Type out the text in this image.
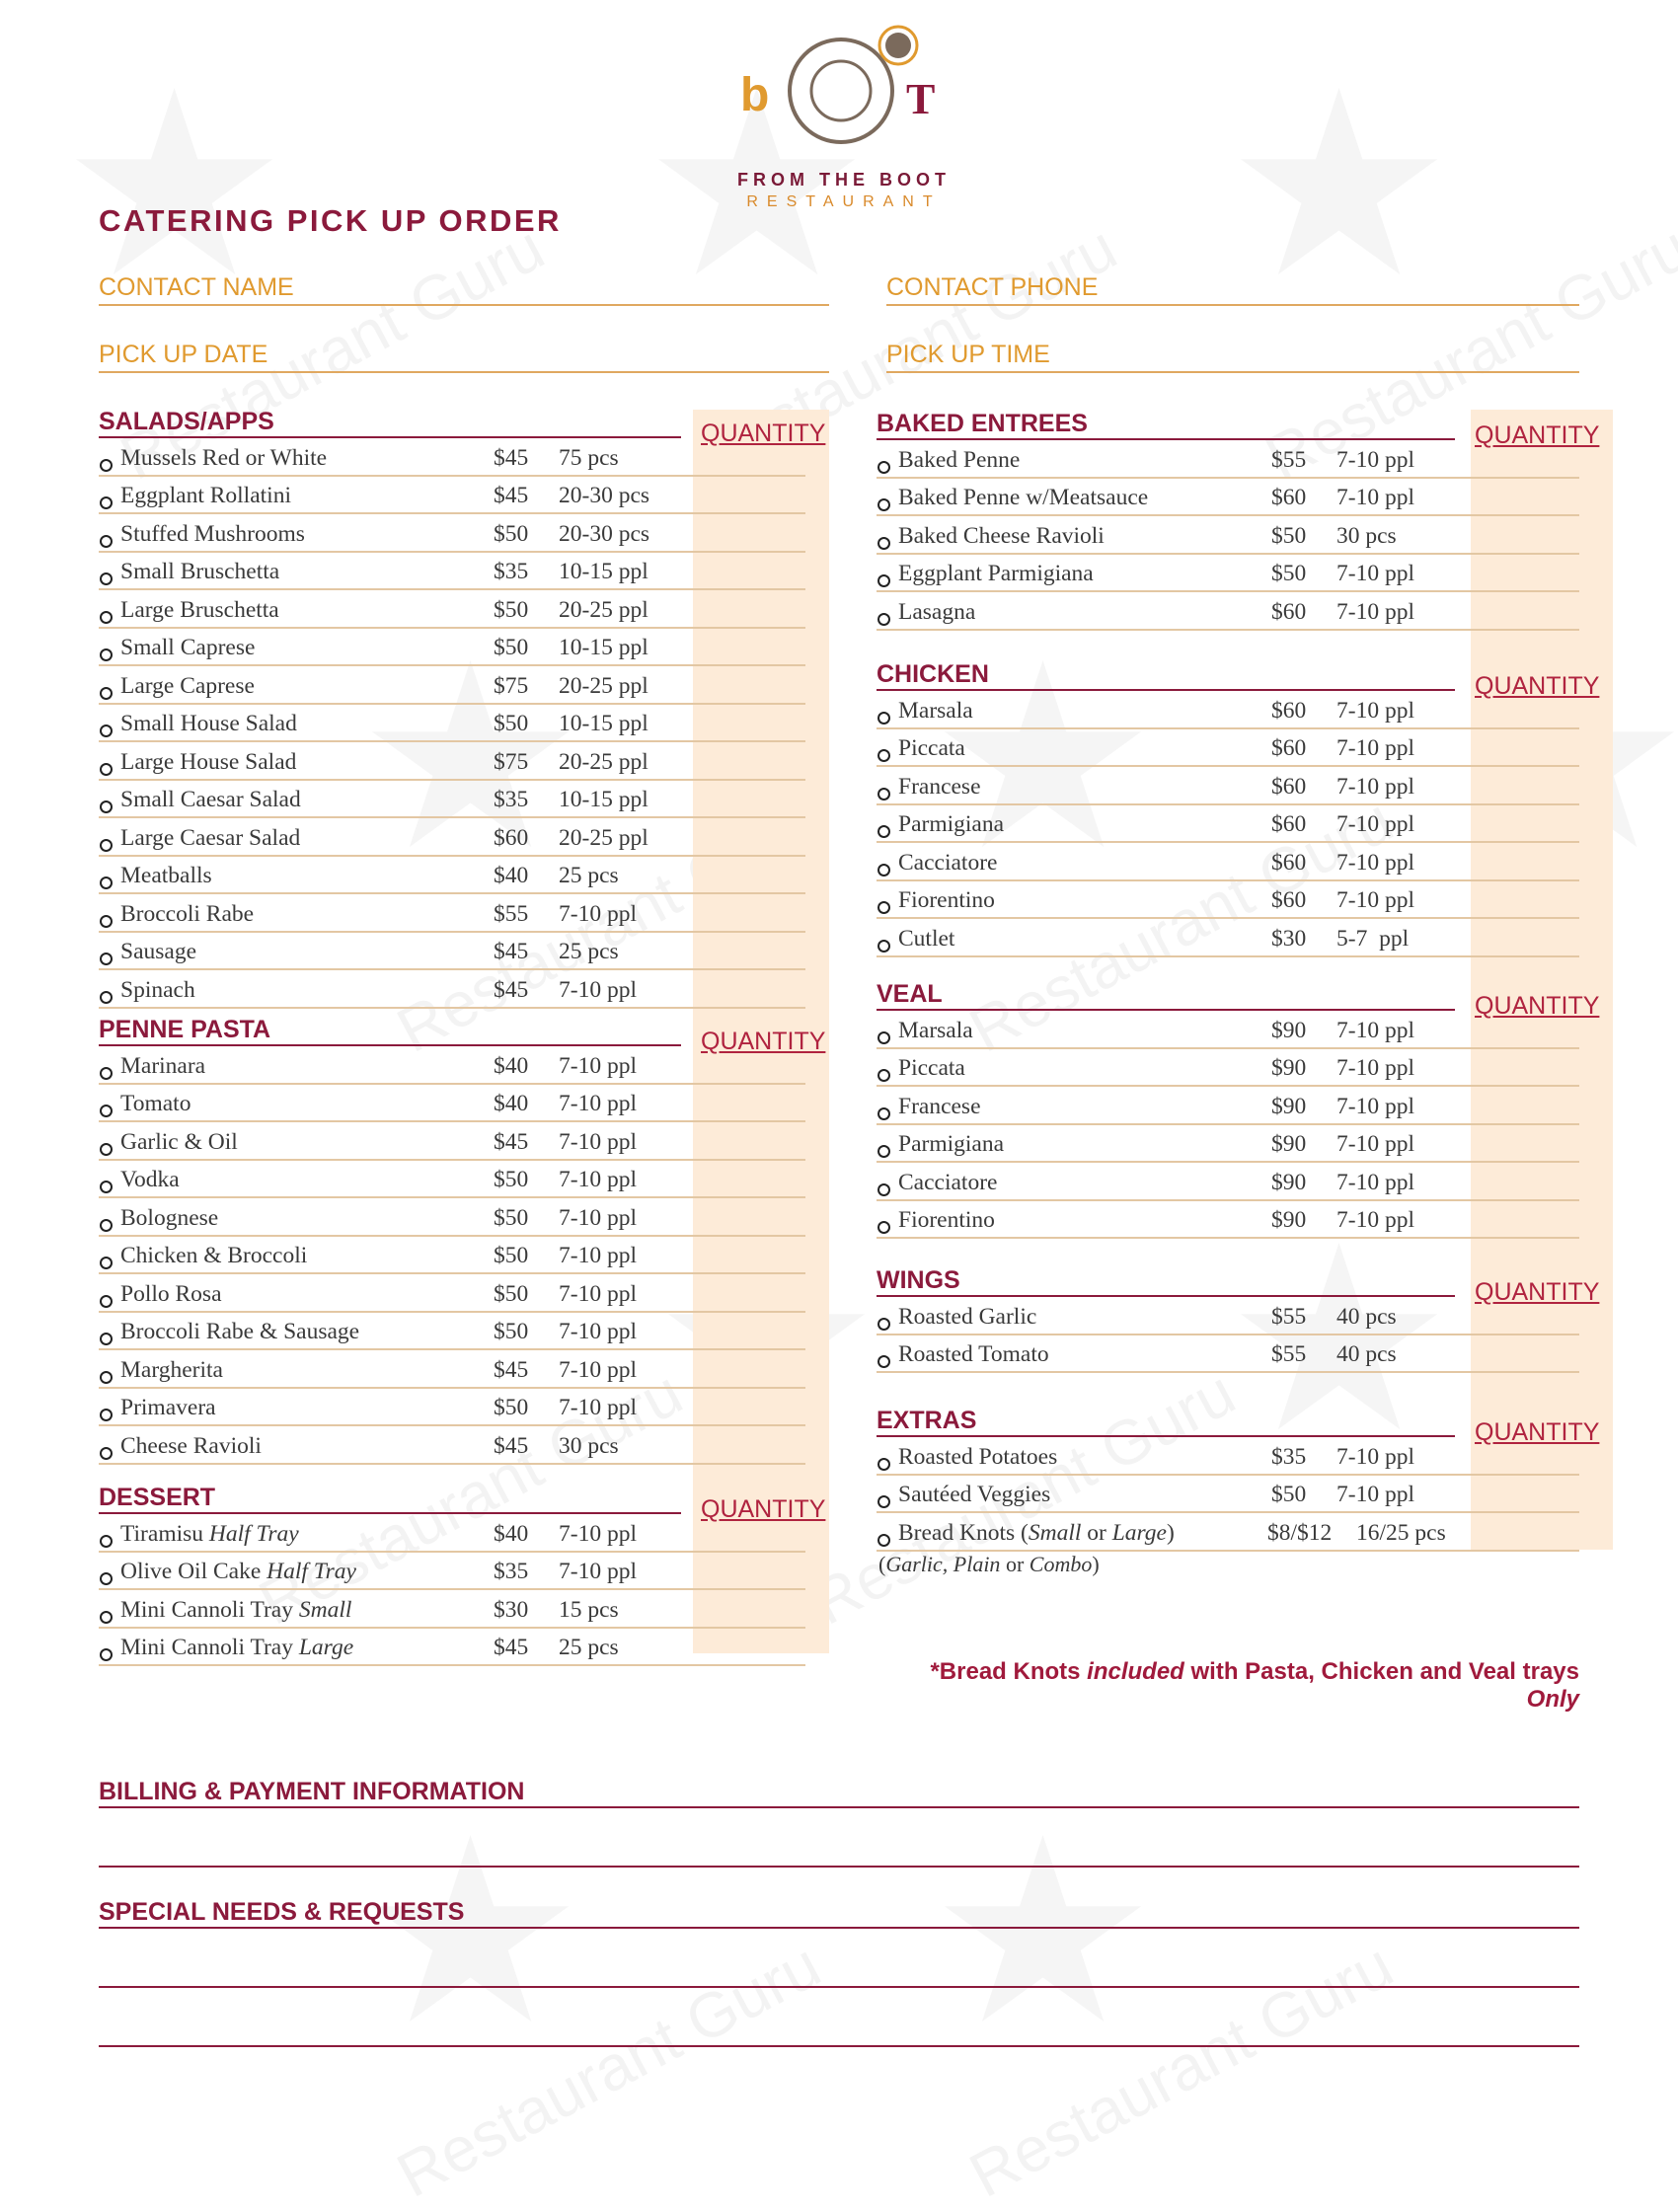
b	T
FROM THE BOOT
RESTAURANT
CATERING PICK UP ORDER
CONTACT NAME	CONTACT PHONE
PICK UP DATE	PICK UP TIME
SALADS/APPS	QUANTITY
Mussels Red or White	$45 75 pcs
Eggplant Rollatini	$45 20-30 pcs
Stuffed Mushrooms	$50 20-30 pcs
Small Bruschetta	$35 10-15 ppl
Large Bruschetta	$50 20-25 ppl
Small Caprese	$50 10-15 ppl
Large Caprese	$75 20-25 ppl
Small House Salad	$50 10-15 ppl
Large House Salad	$75 20-25 ppl
Small Caesar Salad	$35 10-15 ppl
Large Caesar Salad	$60 20-25 ppl
Meatballs	$40 25 pcs
Broccoli Rabe	$55 7-10 ppl
Sausage	$45 25 pcs
Spinach	$45 7-10 ppl
PENNE PASTA	QUANTITY
Marinara	$40 7-10 ppl
Tomato	$40 7-10 ppl
Garlic & Oil	$45 7-10 ppl
Vodka	$50 7-10 ppl
Bolognese	$50 7-10 ppl
Chicken & Broccoli	$50 7-10 ppl
Pollo Rosa	$50 7-10 ppl
Broccoli Rabe & Sausage	$50 7-10 ppl
Margherita	$45 7-10 ppl
Primavera	$50 7-10 ppl
Cheese Ravioli	$45 30 pcs
DESSERT	QUANTITY
Tiramisu Half Tray	$40 7-10 ppl
Olive Oil Cake Half Tray	$35 7-10 ppl
Mini Cannoli Tray Small	$30 15 pcs
Mini Cannoli Tray Large	$45 25 pcs
BAKED ENTREES	QUANTITY
Baked Penne	$55 7-10 ppl
Baked Penne w/Meatsauce	$60 7-10 ppl
Baked Cheese Ravioli	$50 30 pcs
Eggplant Parmigiana	$50 7-10 ppl
Lasagna	$60 7-10 ppl
CHICKEN	QUANTITY
Marsala	$60 7-10 ppl
Piccata	$60 7-10 ppl
Francese	$60 7-10 ppl
Parmigiana	$60 7-10 ppl
Cacciatore	$60 7-10 ppl
Fiorentino	$60 7-10 ppl
Cutlet	$30 5-7  ppl
VEAL	QUANTITY
Marsala	$90 7-10 ppl
Piccata	$90 7-10 ppl
Francese	$90 7-10 ppl
Parmigiana	$90 7-10 ppl
Cacciatore	$90 7-10 ppl
Fiorentino	$90 7-10 ppl
WINGS	QUANTITY
Roasted Garlic	$55 40 pcs
Roasted Tomato	$55 40 pcs
EXTRAS	QUANTITY
Roasted Potatoes	$35 7-10 ppl
Sautéed Veggies	$50 7-10 ppl
Bread Knots (Small or Large)	$8/$12 16/25 pcs
(Garlic, Plain or Combo)
*Bread Knots included with Pasta, Chicken and Veal trays Only
BILLING & PAYMENT INFORMATION
SPECIAL NEEDS & REQUESTS
